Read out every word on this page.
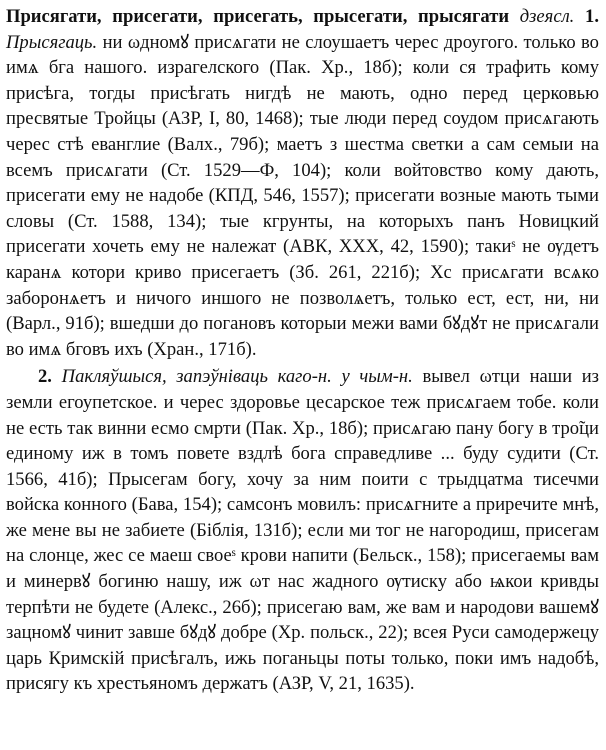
Присягати, присегати, присегать, прысегати, прысягати дзеясл. 1. Прысягаць. ни ωдномꙋ присѧгати не слоушаетъ черес дроугого. только во имѧ бга нашого. израгелского (Пак. Хр., 18б); коли ся трафить кому присѣга, тогды присѣгать нигдѣ не мають, одно перед церковью пресвятые Тройцы (АЗР, I, 80, 1468); тые люди перед соудом присѧгають черес стѣ еванглие (Валх., 79б); маетъ з шестма светки а сам семыи на всемъ присѧгати (Ст. 1529—Ф, 104); коли войтовство кому дають, присегати ему не надобе (КПД, 546, 1557); присегати возные мають тыми словы (Ст. 1588, 134); тые кгрунты, на которыхъ панъ Новицкий присегати хочеть ему не належат (АВК, XXX, 42, 1590); такиˢ не ѹдетъ каранѧ котори кривo присегаетъ (Зб. 261, 221б); Хс присѧгати всѧко заборонѧетъ и ничого иншого не позволѧетъ, только ест, ест, ни, ни (Варл., 91б); вшедши до погановъ которыи межи вами бꙋдꙋт не присѧгали во имѧ бговъ ихъ (Хран., 171б).

2. Пакляўшыся, запэўніваць каго-н. у чым-н. вывел ωтци наши из земли егоупетское. и черес здоровье цесарское теж присѧгаем тобе. коли не есть так винни есмо смрти (Пак. Хр., 18б); присѧгаю пану богу в тро̃ци единому иж в томъ повете вздлѣ бога справедливе ... буду судити (Ст. 1566, 41б); Прысегам богу, хочу за ним поити с трыдцатма тисечми войска конного (Бава, 154); самсонъ мовилъ: присѧгните а приречите мнѣ, же мене вы не забиете (Бiблiя, 131б); если ми тог не нагородиш, присегам на слонце, жес се маеш своеˢ крови напити (Бельск., 158); присегаемы вам и минервꙋ богиню нашу, иж ωт нас жадного ѹтиску або ѩкои кривды терпѣти не будете (Алекс., 26б); присегаю вам, же вам и народови вашемꙋ зацномꙋ чинит завше бꙋдꙋ добре (Хр. польск., 22); всея Руси самодержецу царь Кримскiй присѣгалъ, ижь поганьцы поты только, поки имъ надобѣ, присягу къ хрестьяномъ держатъ (АЗР, V, 21, 1635).
